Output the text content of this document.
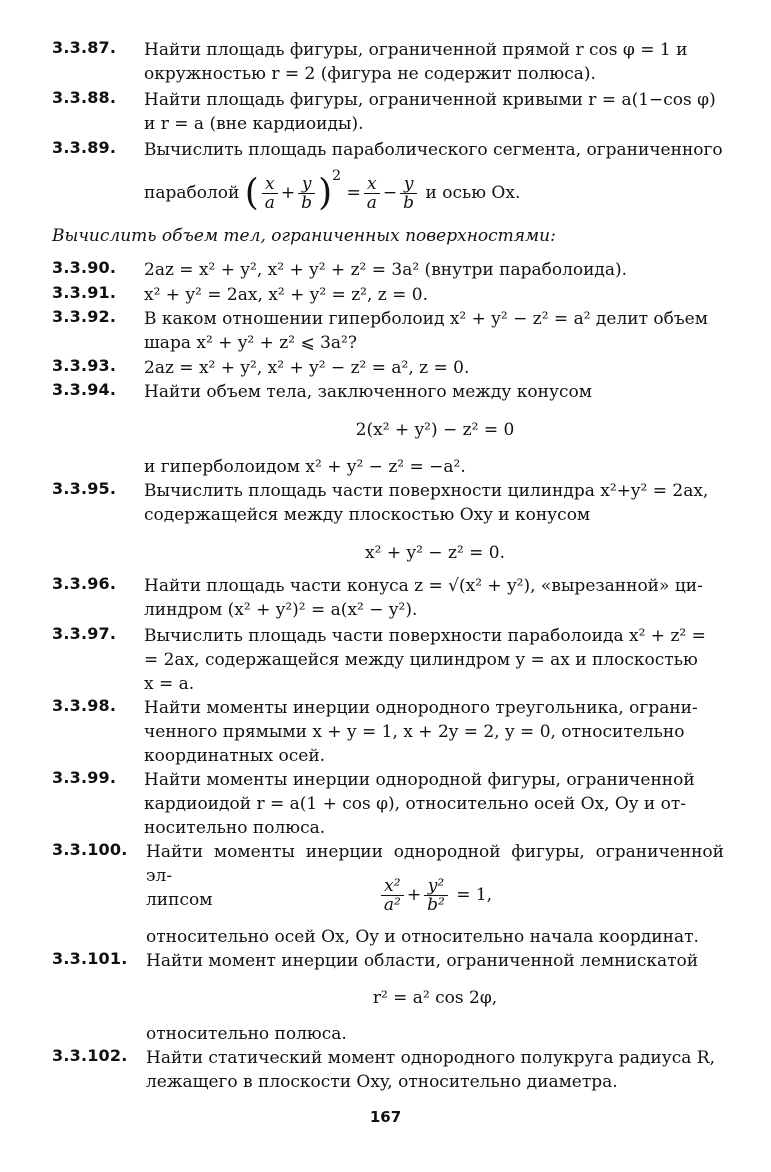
3.3.87. Найти площадь фигуры, ограниченной прямой r cos φ = 1 и
окружностью r = 2 (фигура не содержит полюса).
3.3.88. Найти площадь фигуры, ограниченной кривыми r = a(1−cos φ)
и r = a (вне кардиоиды).
3.3.89. Вычислить площадь параболического сегмента, ограниченного
параболой ( $\frac{x}{a} + \frac{y}{b} )^2 = \frac{x}{a} - \frac{y}{b}$ и осью Ox.
Вычислить объем тел, ограниченных поверхностями:
3.3.90. 2az = x² + y², x² + y² + z² = 3a² (внутри параболоида).
3.3.91. x² + y² = 2ax, x² + y² = z², z = 0.
3.3.92. В каком отношении гиперболоид x² + y² − z² = a² делит объем
шара x² + y² + z² ⩽ 3a²?
3.3.93. 2az = x² + y², x² + y² − z² = a², z = 0.
3.3.94. Найти объем тела, заключенного между конусом
2(x² + y²) − z² = 0
и гиперболоидом x² + y² − z² = −a².
3.3.95. Вычислить площадь части поверхности цилиндра x²+y² = 2ax,
содержащейся между плоскостью Oxy и конусом
x² + y² − z² = 0.
3.3.96. Найти площадь части конуса z = √(x² + y²), «вырезанной» ци-
линдром (x² + y²)² = a(x² − y²).
3.3.97. Вычислить площадь части поверхности параболоида x² + z² =
= 2ax, содержащейся между цилиндром y = ax и плоскостью
x = a.
3.3.98. Найти моменты инерции однородного треугольника, ограни-
ченного прямыми x + y = 1, x + 2y = 2, y = 0, относительно
координатных осей.
3.3.99. Найти моменты инерции однородной фигуры, ограниченной
кардиоидой r = a(1 + cos φ), относительно осей Ox, Oy и от-
носительно полюса.
3.3.100. Найти моменты инерции однородной фигуры, ограниченной эл-
липсом	$\frac{\text{x²}}{\text{a²}} + \frac{\text{y²}}{\text{b²}} = 1$,
относительно осей Ox, Oy и относительно начала координат.
3.3.101. Найти момент инерции области, ограниченной лемнискатой
r² = a² cos 2φ,
относительно полюса.
3.3.102. Найти статический момент однородного полукруга радиуса R,
лежащего в плоскости Oxy, относительно диаметра.
167
